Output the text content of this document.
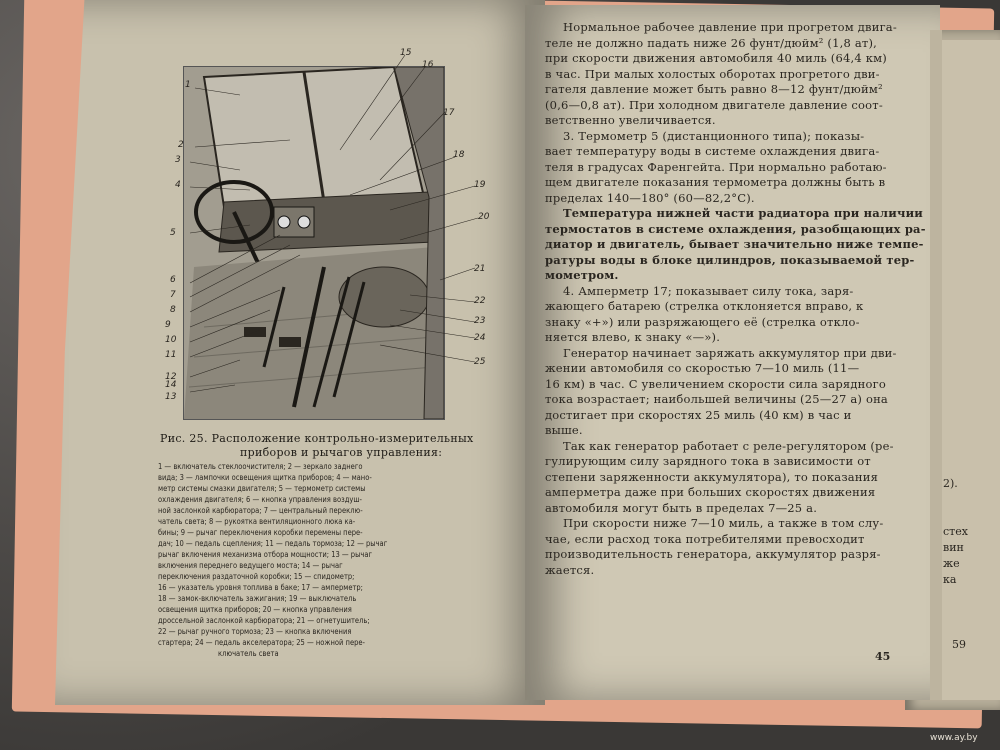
2).

стех
вин
же
ка
59
Рис. 25. Расположение контрольно-измерительных
приборов и рычагов управления:
1 — включатель стеклоочистителя; 2 — зеркало заднего
вида; 3 — лампочки освещения щитка приборов; 4 — мано-
метр системы смазки двигателя; 5 — термометр системы
охлаждения двигателя; 6 — кнопка управления воздуш-
ной заслонкой карбюратора; 7 — центральный переклю-
чатель света; 8 — рукоятка вентиляционного люка ка-
бины; 9 — рычаг переключения коробки перемены пере-
дач; 10 — педаль сцепления; 11 — педаль тормоза; 12 — рычаг
рычаг включения механизма отбора мощности; 13 — рычаг
включения переднего ведущего моста; 14 — рычаг
переключения раздаточной коробки; 15 — спидометр;
16 — указатель уровня топлива в баке; 17 — амперметр;
18 — замок-включатель зажигания; 19 — выключатель
освещения щитка приборов; 20 — кнопка управления
дроссельной заслонкой карбюратора; 21 — огнетушитель;
22 — рычаг ручного тормоза; 23 — кнопка включения
стартера; 24 — педаль акселератора; 25 — ножной пере-
ключатель света
Нормальное рабочее давление при прогретом двига-
теле не должно падать ниже 26 фунт/дюйм² (1,8 ат),
при скорости движения автомобиля 40 миль (64,4 км)
в час. При малых холостых оборотах прогретого дви-
гателя давление может быть равно 8—12 фунт/дюйм²
(0,6—0,8 ат). При холодном двигателе давление соот-
ветственно увеличивается.
3. Термометр 5 (дистанционного типа); показы-
вает температуру воды в системе охлаждения двига-
теля в градусах Фаренгейта. При нормально работаю-
щем двигателе показания термометра должны быть в
пределах 140—180° (60—82,2°С).
Температура нижней части радиатора при наличии
термостатов в системе охлаждения, разобщающих ра-
диатор и двигатель, бывает значительно ниже темпе-
ратуры воды в блоке цилиндров, показываемой тер-
мометром.
4. Амперметр 17; показывает силу тока, заря-
жающего батарею (стрелка отклоняется вправо, к
знаку «+») или разряжающего её (стрелка откло-
няется влево, к знаку «—»).
Генератор начинает заряжать аккумулятор при дви-
жении автомобиля со скоростью 7—10 миль (11—
16 км) в час. С увеличением скорости сила зарядного
тока возрастает; наибольшей величины (25—27 а) она
достигает при скоростях 25 миль (40 км) в час и
выше.
Так как генератор работает с реле-регулятором (ре-
гулирующим силу зарядного тока в зависимости от
степени заряженности аккумулятора), то показания
амперметра даже при больших скоростях движения
автомобиля могут быть в пределах 7—25 а.
При скорости ниже 7—10 миль, а также в том слу-
чае, если расход тока потребителями превосходит
производительность генератора, аккумулятор разря-
жается.
45
www.ay.by
1
2
3
4
5
6
7
8
9
10
11
12
13
14
15
16
17
18
19
20
21
22
23
24
25
